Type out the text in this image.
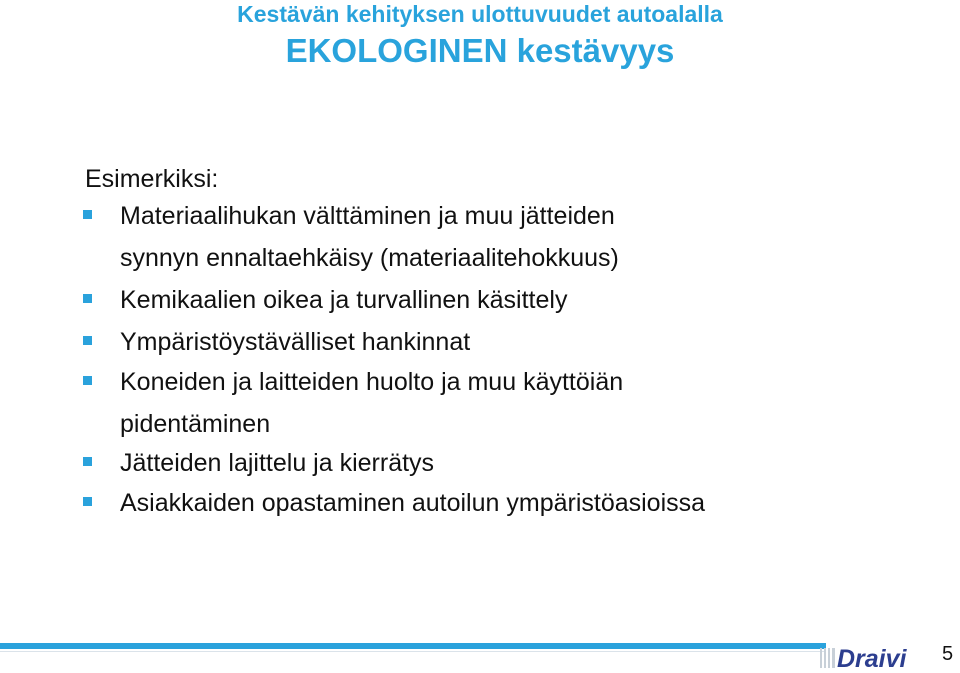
Kestävän kehityksen ulottuvuudet autoalalla
EKOLOGINEN kestävyys
Esimerkiksi:
Materiaalihukan välttäminen ja muu jätteiden
synnyn ennaltaehkäisy (materiaalitehokkuus)
Kemikaalien oikea ja turvallinen käsittely
Ympäristöystävälliset hankinnat
Koneiden ja laitteiden huolto ja muu käyttöiän
pidentäminen
Jätteiden lajittelu ja kierrätys
Asiakkaiden opastaminen autoilun ympäristöasioissa
Draivi 5
